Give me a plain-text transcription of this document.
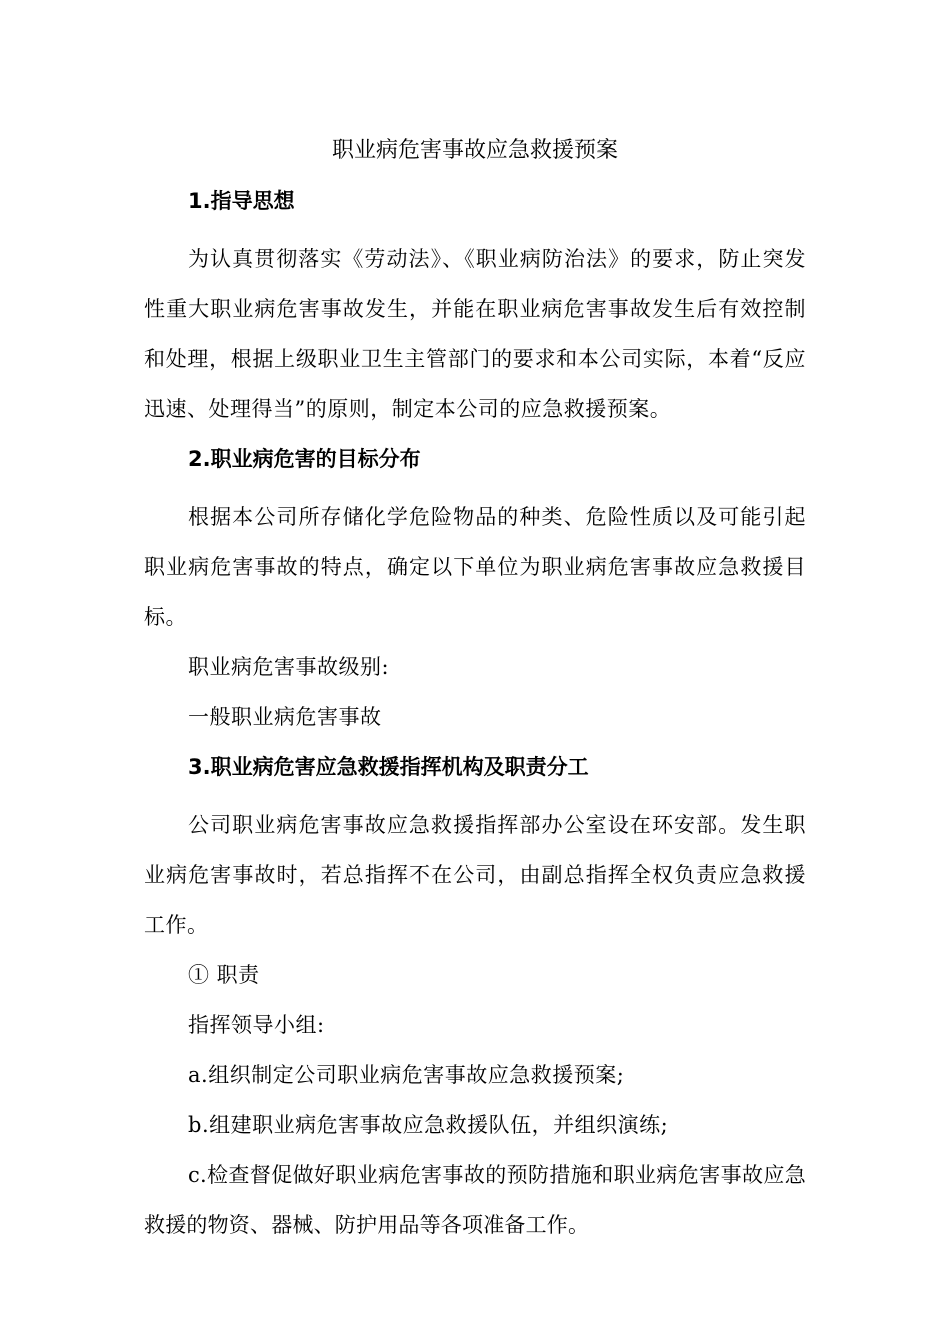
职业病危害事故应急救援预案
1.指导思想

为认真贯彻落实《劳动法》、《职业病防治法》的要求，防止突发性重大职业病危害事故发生，并能在职业病危害事故发生后有效控制和处理，根据上级职业卫生主管部门的要求和本公司实际，本着“反应迅速、处理得当”的原则，制定本公司的应急救援预案。

2.职业病危害的目标分布

根据本公司所存储化学危险物品的种类、危险性质以及可能引起职业病危害事故的特点，确定以下单位为职业病危害事故应急救援目标。

职业病危害事故级别:
一般职业病危害事故
3.职业病危害应急救援指挥机构及职责分工

公司职业病危害事故应急救援指挥部办公室设在环安部。发生职业病危害事故时，若总指挥不在公司，由副总指挥全权负责应急救援工作。

① 职责
指挥领导小组:
a.组织制定公司职业病危害事故应急救援预案;
b.组建职业病危害事故应急救援队伍，并组织演练;

c.检查督促做好职业病危害事故的预防措施和职业病危害事故应急救援的物资、器械、防护用品等各项准备工作。
